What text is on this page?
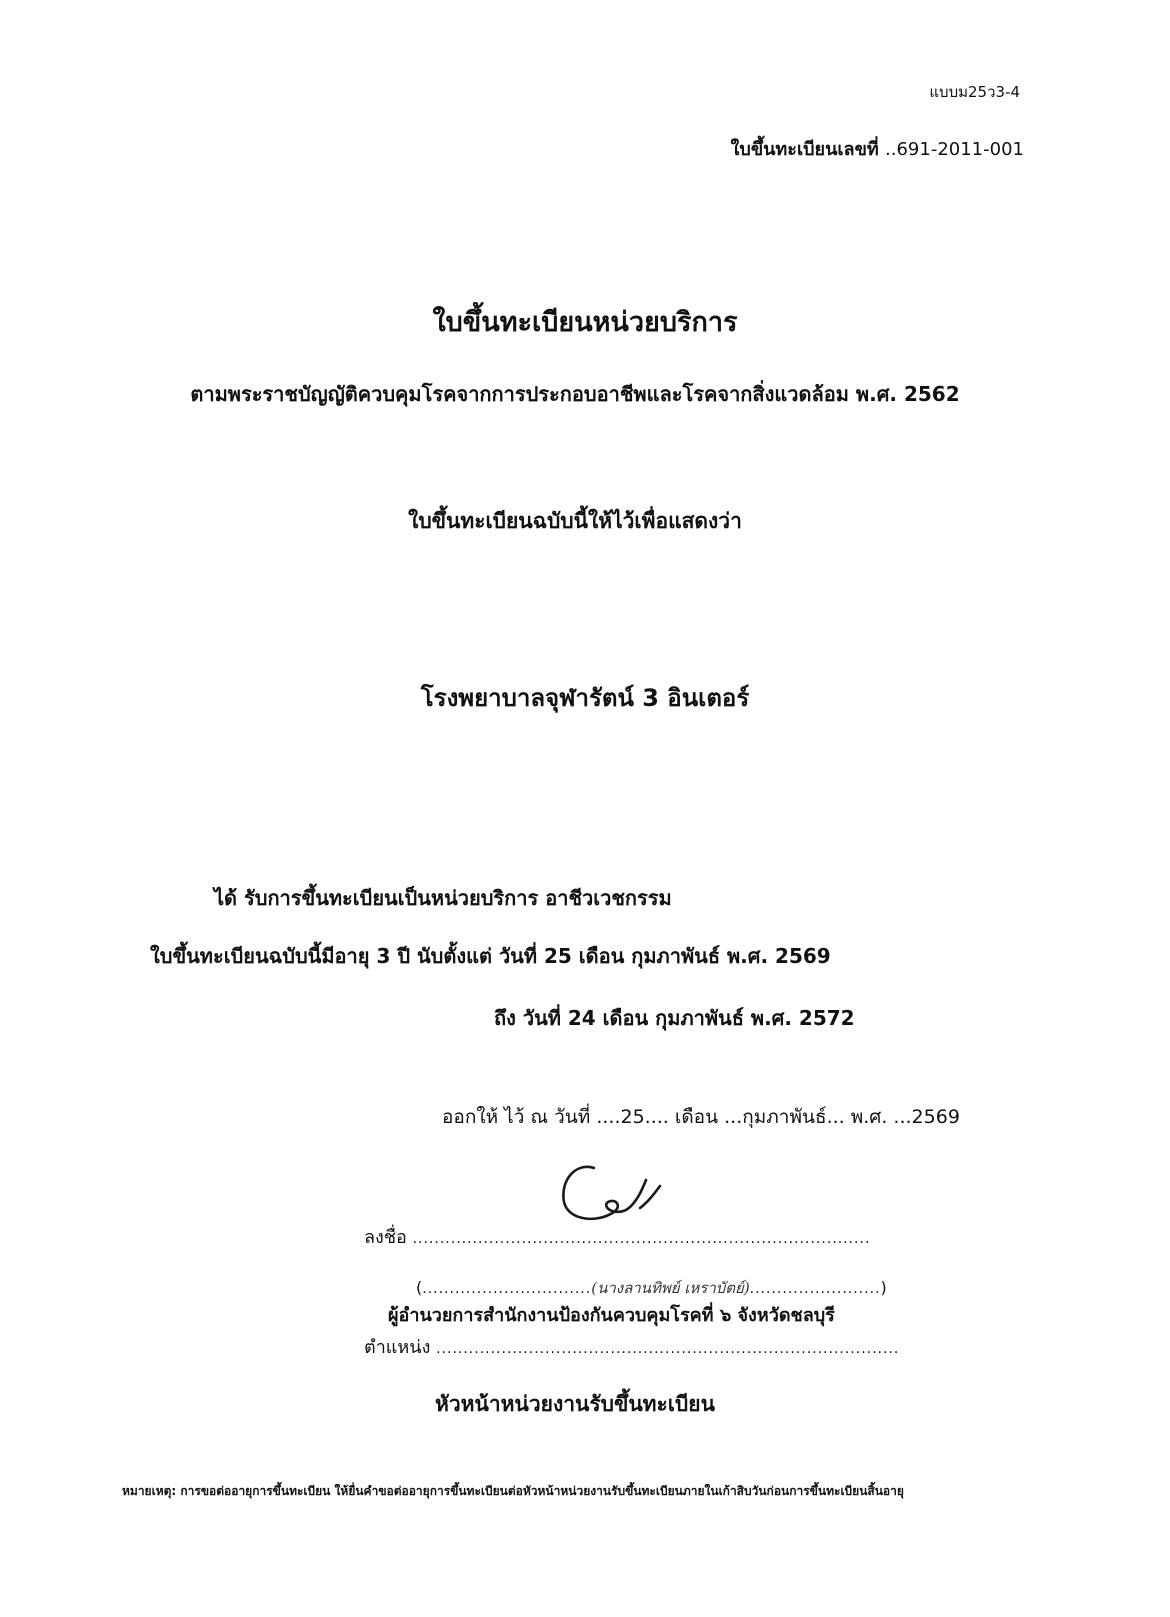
แบบม25ว3-4
ใบขึ้นทะเบียนเลขที่ ..691-2011-001
ใบขึ้นทะเบียนหน่วยบริการ
ตามพระราชบัญญัติควบคุมโรคจากการประกอบอาชีพและโรคจากสิ่งแวดล้อม พ.ศ. 2562
ใบขึ้นทะเบียนฉบับนี้ให้ไว้เพื่อแสดงว่า
โรงพยาบาลจุฬารัตน์ 3 อินเตอร์
ได้ รับการขึ้นทะเบียนเป็นหน่วยบริการ อาชีวเวชกรรม
ใบขึ้นทะเบียนฉบับนี้มีอายุ 3 ปี นับตั้งแต่ วันที่ 25 เดือน กุมภาพันธ์ พ.ศ. 2569
ถึง วันที่ 24 เดือน กุมภาพันธ์ พ.ศ. 2572
ออกให้ ไว้ ณ วันที่ ....25.... เดือน ...กุมภาพันธ์... พ.ศ. ...2569
ลงชื่อ ....................................................................................
(...............................(นางลานทิพย์ เหราบัตย์)........................)
ผู้อำนวยการสำนักงานป้องกันควบคุมโรคที่ ๖ จังหวัดชลบุรี
ตำแหน่ง .....................................................................................
หัวหน้าหน่วยงานรับขึ้นทะเบียน
หมายเหตุ: การขอต่ออายุการขึ้นทะเบียน ให้ยื่นคำขอต่ออายุการขึ้นทะเบียนต่อหัวหน้าหน่วยงานรับขึ้นทะเบียนภายในเก้าสิบวันก่อนการขึ้นทะเบียนสิ้นอายุ
